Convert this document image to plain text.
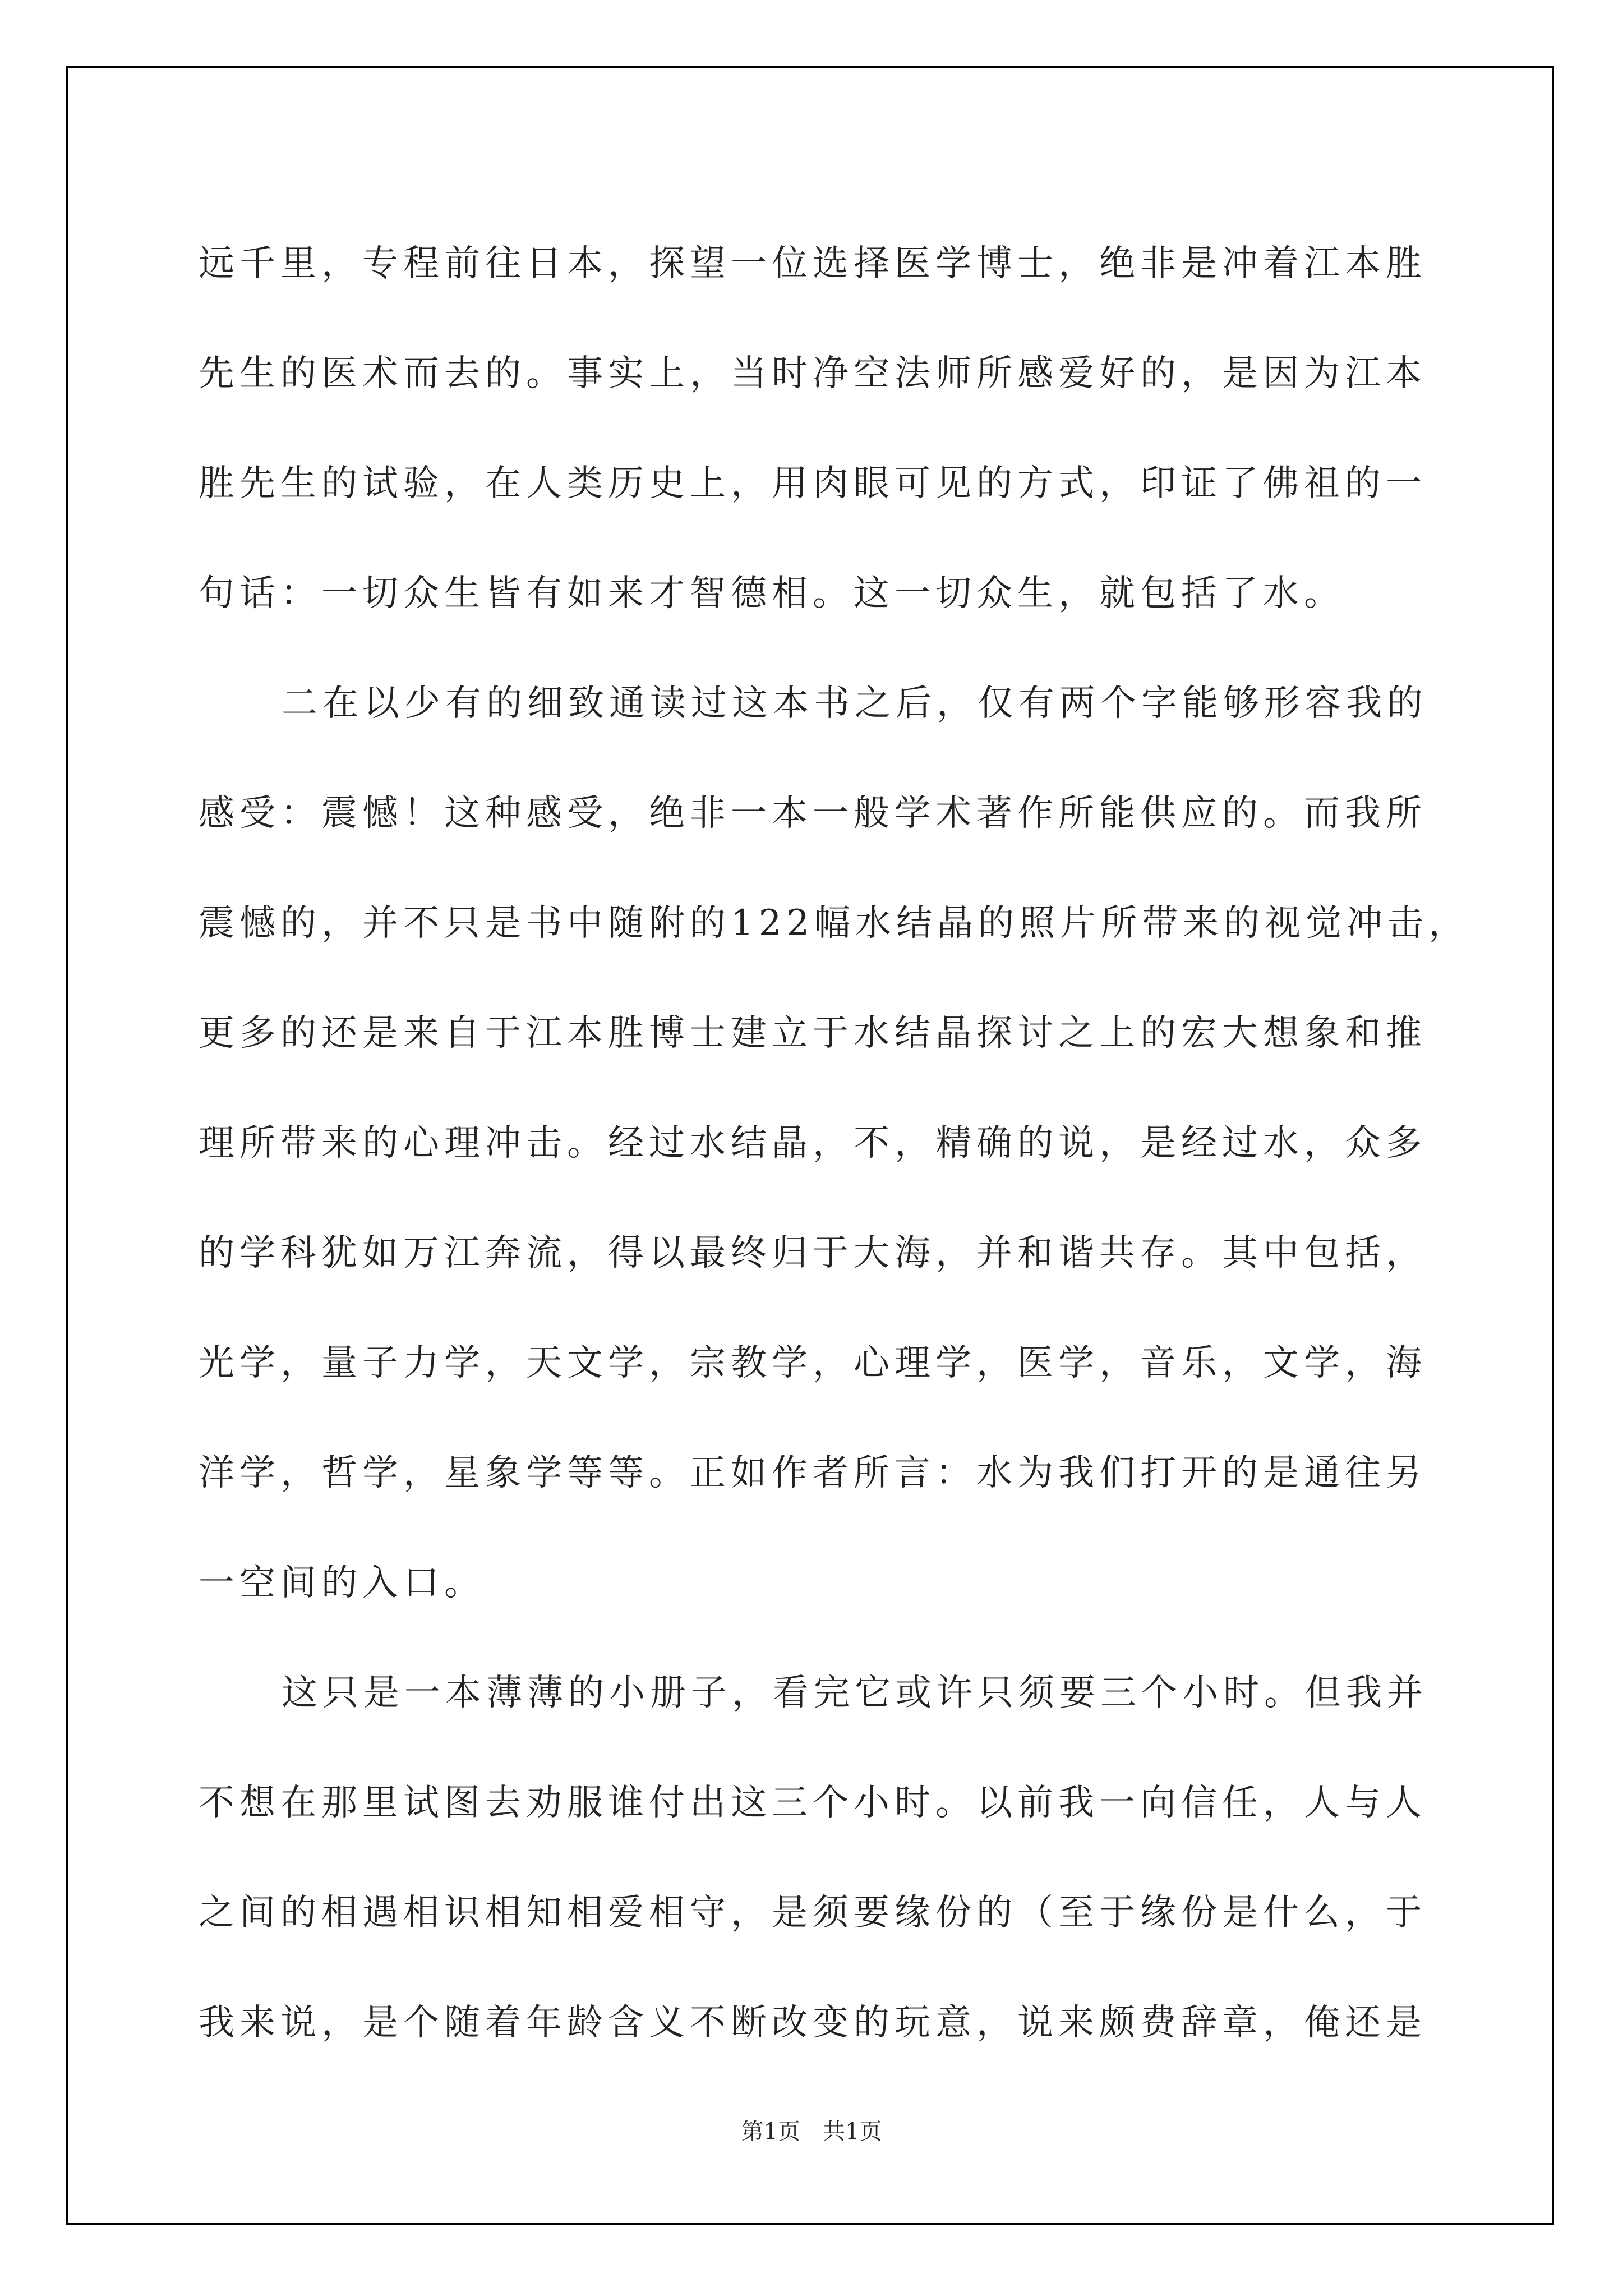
远千里，专程前往日本，探望一位选择医学博士，绝非是冲着江本胜
先生的医术而去的。事实上，当时净空法师所感爱好的，是因为江本
胜先生的试验，在人类历史上，用肉眼可见的方式，印证了佛祖的一
句话：一切众生皆有如来才智德相。这一切众生，就包括了水。
二在以少有的细致通读过这本书之后，仅有两个字能够形容我的
感受：震憾！这种感受，绝非一本一般学术著作所能供应的。而我所
震憾的，并不只是书中随附的122幅水结晶的照片所带来的视觉冲击，
更多的还是来自于江本胜博士建立于水结晶探讨之上的宏大想象和推
理所带来的心理冲击。经过水结晶，不，精确的说，是经过水，众多
的学科犹如万江奔流，得以最终归于大海，并和谐共存。其中包括，
光学，量子力学，天文学，宗教学，心理学，医学，音乐，文学，海
洋学，哲学，星象学等等。正如作者所言：水为我们打开的是通往另
一空间的入口。
这只是一本薄薄的小册子，看完它或许只须要三个小时。但我并
不想在那里试图去劝服谁付出这三个小时。以前我一向信任，人与人
之间的相遇相识相知相爱相守，是须要缘份的（至于缘份是什么，于
我来说，是个随着年龄含义不断改变的玩意，说来颇费辞章，俺还是
第1页 共1页
